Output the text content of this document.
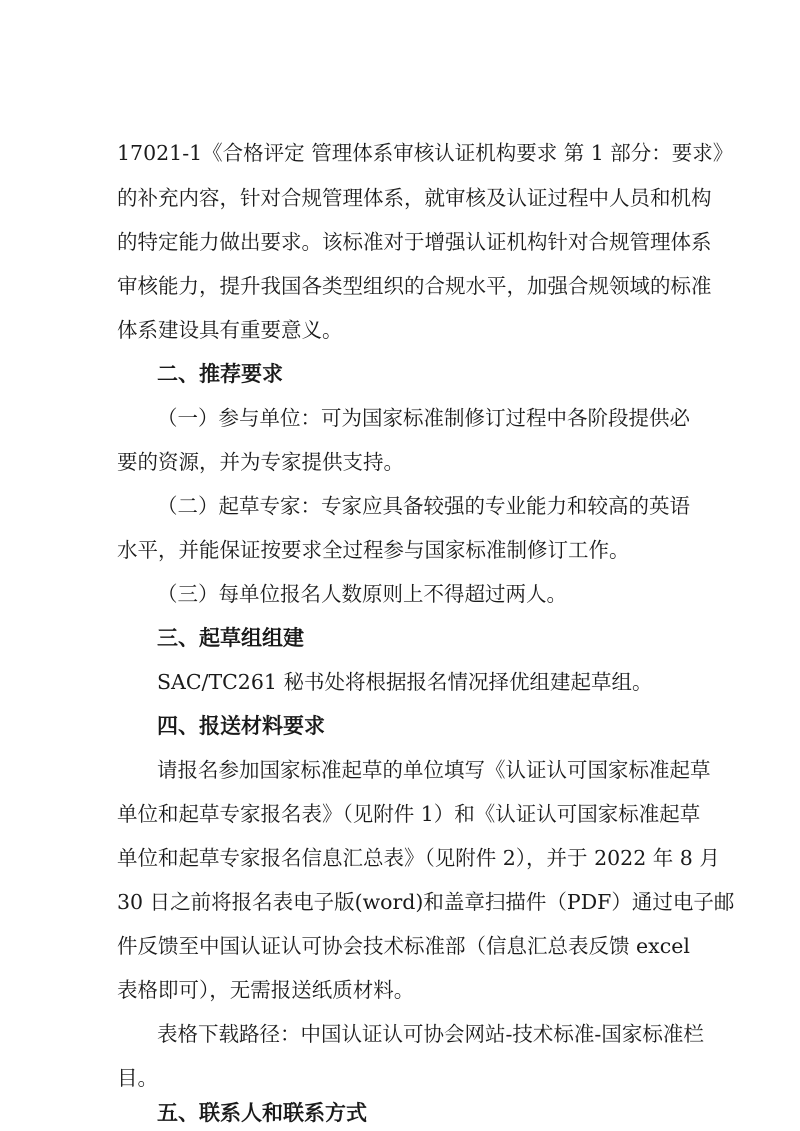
17021-1《合格评定 管理体系审核认证机构要求 第 1 部分：要求》
的补充内容，针对合规管理体系，就审核及认证过程中人员和机构
的特定能力做出要求。该标准对于增强认证机构针对合规管理体系
审核能力，提升我国各类型组织的合规水平，加强合规领域的标准
体系建设具有重要意义。
二、推荐要求
（一）参与单位：可为国家标准制修订过程中各阶段提供必
要的资源，并为专家提供支持。
（二）起草专家：专家应具备较强的专业能力和较高的英语
水平，并能保证按要求全过程参与国家标准制修订工作。
（三）每单位报名人数原则上不得超过两人。
三、起草组组建
SAC/TC261 秘书处将根据报名情况择优组建起草组。
四、报送材料要求
请报名参加国家标准起草的单位填写《认证认可国家标准起草
单位和起草专家报名表》（见附件 1）和《认证认可国家标准起草
单位和起草专家报名信息汇总表》（见附件 2），并于 2022 年 8 月
30 日之前将报名表电子版(word)和盖章扫描件（PDF）通过电子邮
件反馈至中国认证认可协会技术标准部（信息汇总表反馈 excel
表格即可），无需报送纸质材料。
表格下载路径：中国认证认可协会网站-技术标准-国家标准栏
目。
五、联系人和联系方式
